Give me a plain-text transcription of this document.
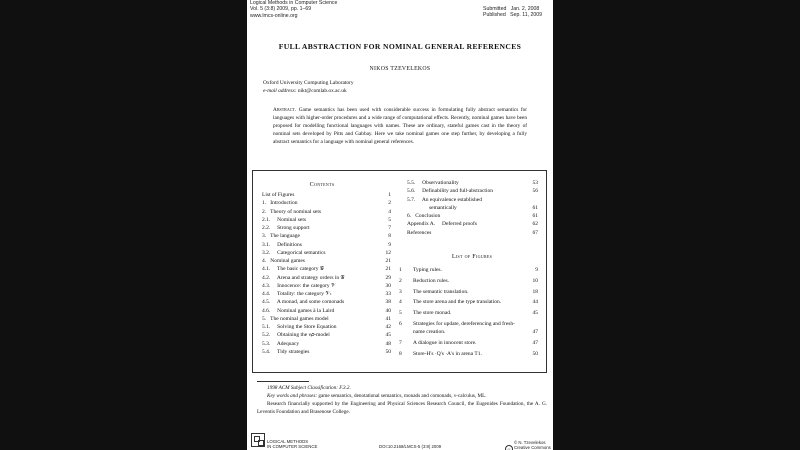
Logical Methods in Computer Science
Vol. 5 (3:8) 2009, pp. 1–69
www.lmcs-online.org
Submitted Jan. 2, 2008
Published Sep. 11, 2009
FULL ABSTRACTION FOR NOMINAL GENERAL REFERENCES
NIKOS TZEVELEKOS
Oxford University Computing Laboratory
e-mail address: nikt@comlab.ox.ac.uk
Abstract. Game semantics has been used with considerable success in formulating fully abstract semantics for languages with higher-order procedures and a wide range of computational effects. Recently, nominal games have been proposed for modelling functional languages with names. These are ordinary, stateful games cast in the theory of nominal sets developed by Pitts and Gabbay. Here we take nominal games one step further, by developing a fully abstract semantics for a language with nominal general references.
Contents
List of Figures	1
1.   Introduction	2
2.   Theory of nominal sets	4
2.1.     Nominal sets	5
2.2.     Strong support	7
3.   The language	8
3.1.     Definitions	9
3.2.     Categorical semantics	12
4.   Nominal games	21
4.1.     The basic category 𝒢	21
4.2.     Arena and strategy orders in 𝒢	29
4.3.     Innocence: the category 𝒱	30
4.4.     Totality: the category 𝒱ₜ	33
4.5.     A monad, and some comonads	38
4.6.     Nominal games à la Laird	40
5.   The nominal games model	41
5.1.     Solving the Store Equation	42
5.2.     Obtaining the ν𝜌-model	45
5.3.     Adequacy	48
5.4.     Tidy strategies	50
5.5.     Observationality	53
5.6.     Definability and full-abstraction	56
5.7.     An equivalence established
semantically	61
6.   Conclusion	61
Appendix A.     Deferred proofs	62
References	67
List of Figures
1 Typing rules.	9
2 Reduction rules.	10
3 The semantic translation.	18
4 The store arena and the type translation.	44
5 The store monad.	45
6 Strategies for update, dereferencing and fresh-name creation.	47
7 A dialogue in innocent store.	47
8 Store-H's ·Q's ·A's in arena T1.	50
1998 ACM Subject Classification: F.3.2.
Key words and phrases: game semantics, denotational semantics, monads and comonads, ν-calculus, ML.
Research financially supported by the Engineering and Physical Sciences Research Council, the Eugenides Foundation, the A. G. Leventis Foundation and Brasenose College.
LOGICAL METHODS
IN COMPUTER SCIENCE	DOI:10.2168/LMCS-5 (3:8) 2009	cc
© N. Tzevelekos
Creative Commons
